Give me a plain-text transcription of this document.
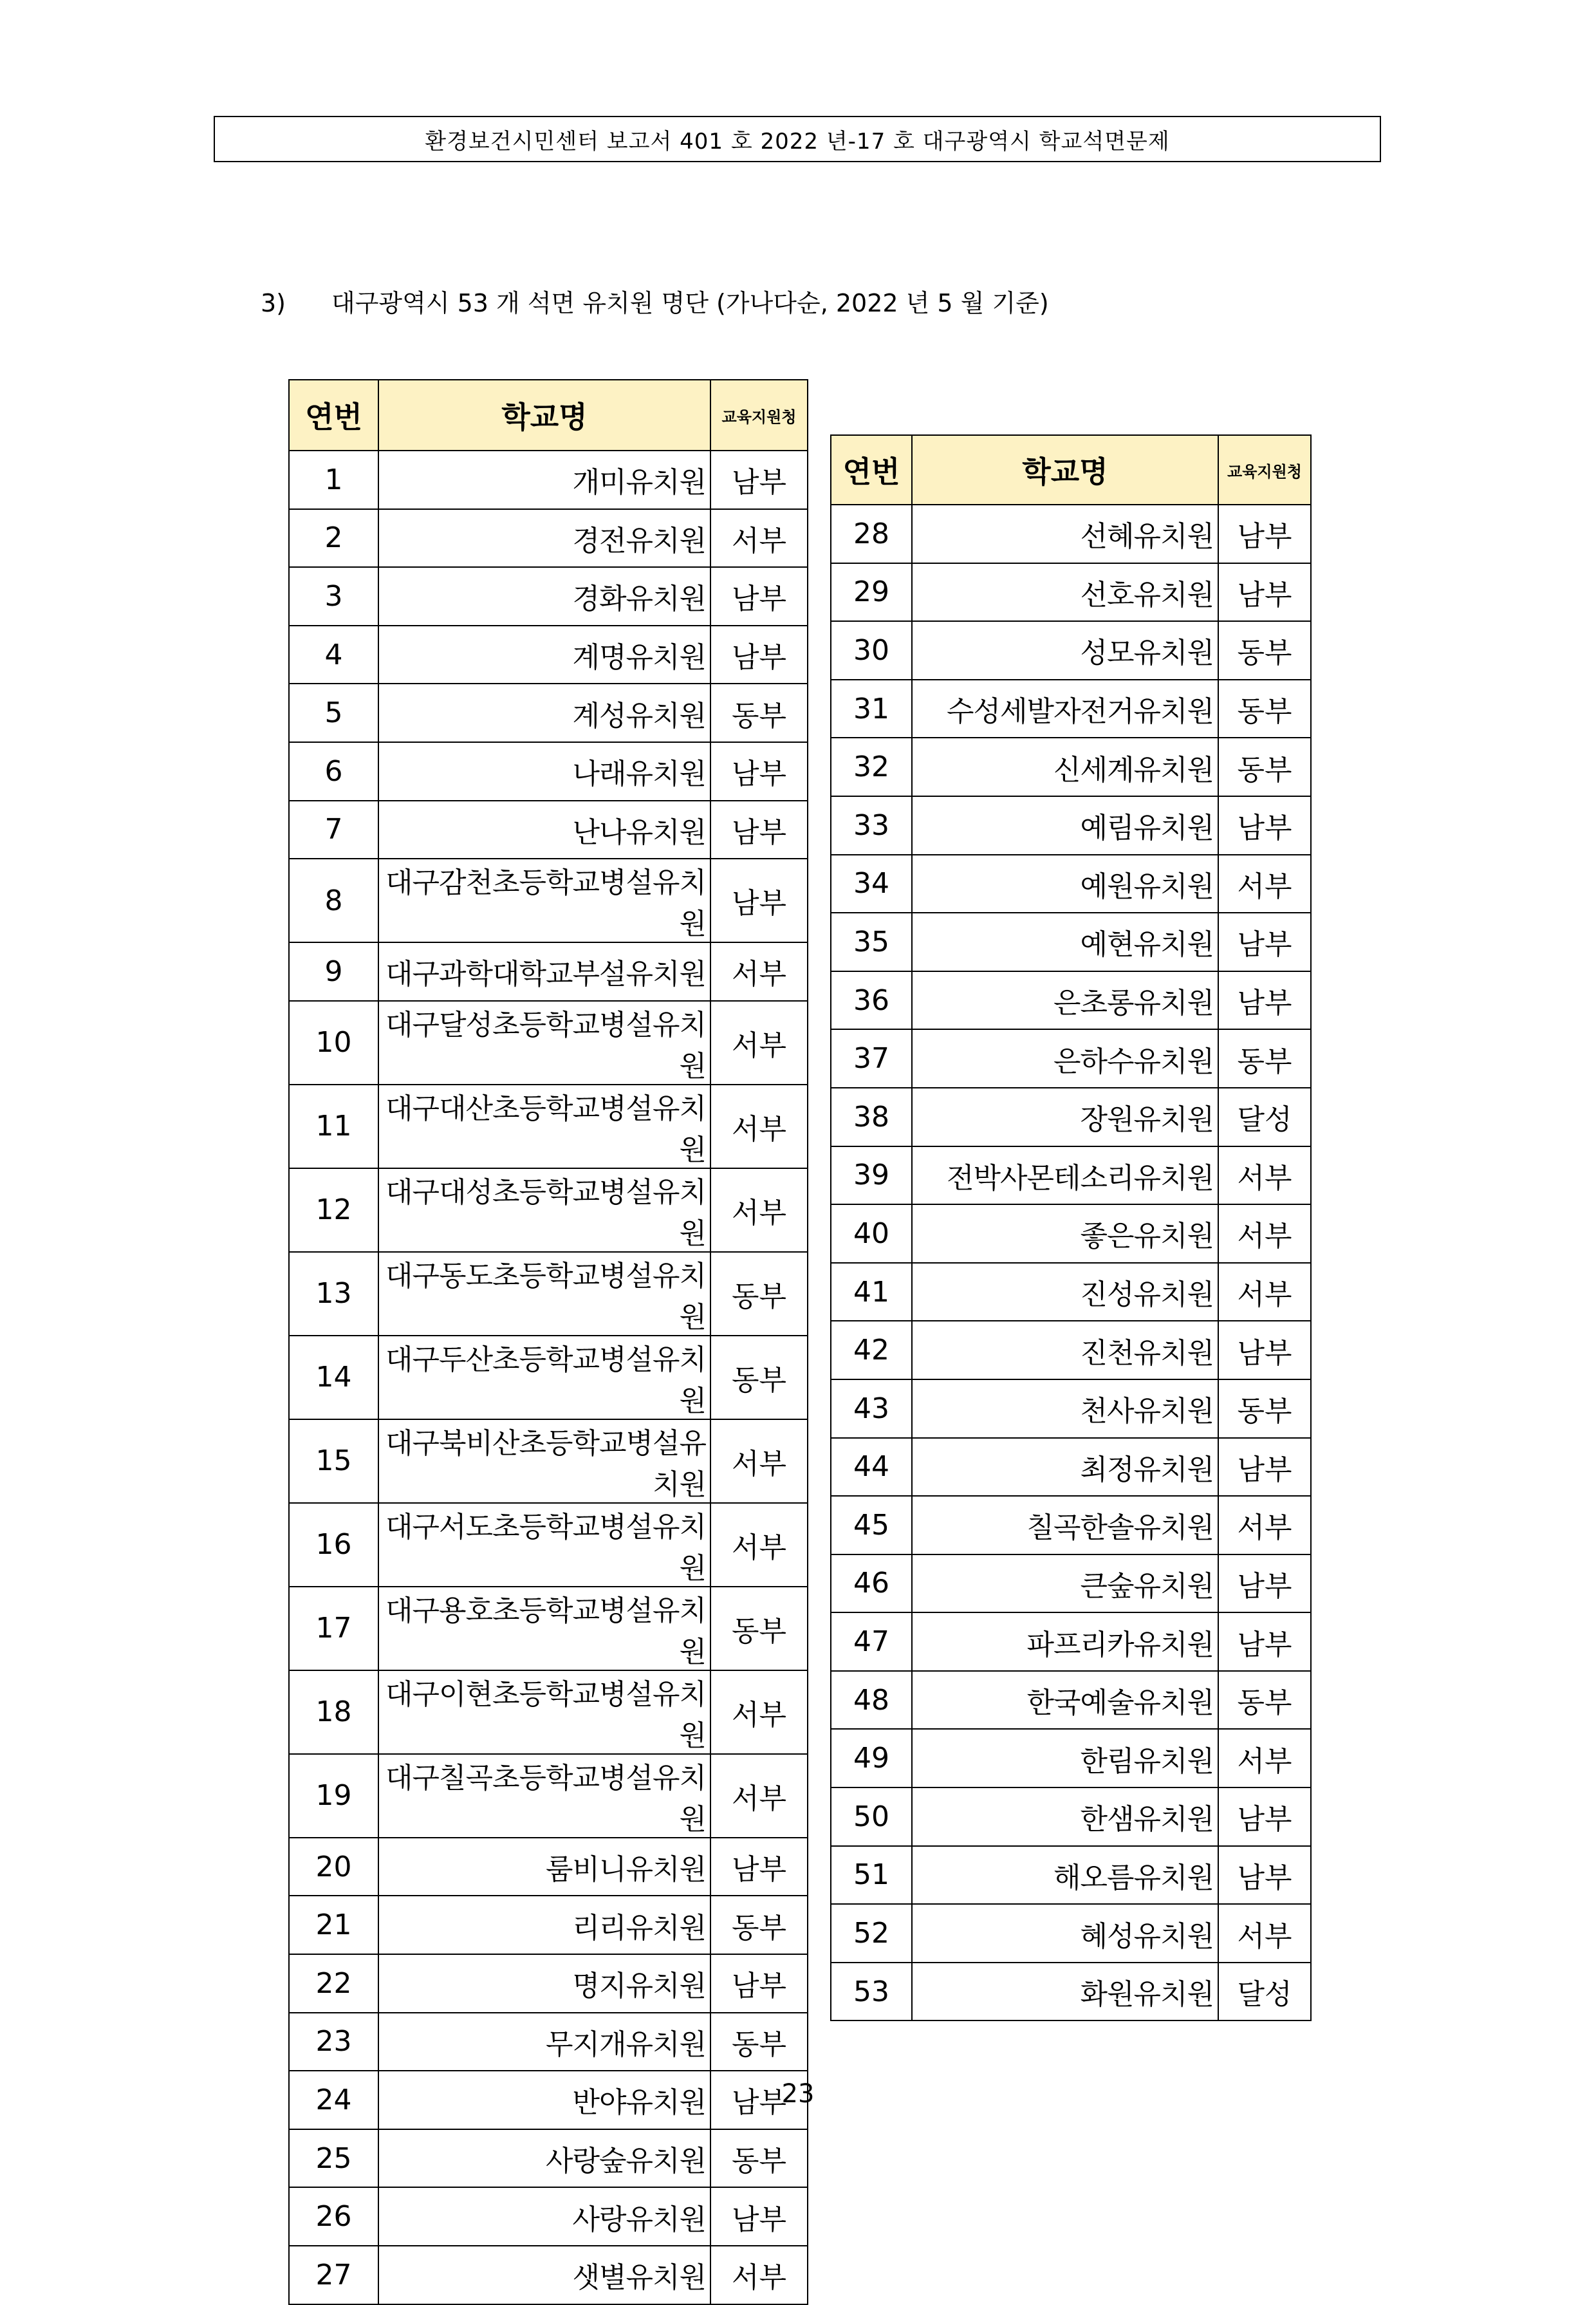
환경보건시민센터 보고서 401 호 2022 년-17 호 대구광역시 학교석면문제
3) 대구광역시 53 개 석면 유치원 명단 (가나다순, 2022 년 5 월 기준)
연번	학교명	교육지원청
1	개미유치원	남부
2	경전유치원	서부
3	경화유치원	남부
4	계명유치원	남부
5	계성유치원	동부
6	나래유치원	남부
7	난나유치원	남부
8	대구감천초등학교병설유치원	남부
9	대구과학대학교부설유치원	서부
10	대구달성초등학교병설유치원	서부
11	대구대산초등학교병설유치원	서부
12	대구대성초등학교병설유치원	서부
13	대구동도초등학교병설유치원	동부
14	대구두산초등학교병설유치원	동부
15	대구북비산초등학교병설유치원	서부
16	대구서도초등학교병설유치원	서부
17	대구용호초등학교병설유치원	동부
18	대구이현초등학교병설유치원	서부
19	대구칠곡초등학교병설유치원	서부
20	룸비니유치원	남부
21	리리유치원	동부
22	명지유치원	남부
23	무지개유치원	동부
24	반야유치원	남부
25	사랑숲유치원	동부
26	사랑유치원	남부
27	샛별유치원	서부
연번	학교명	교육지원청
28	선혜유치원	남부
29	선호유치원	남부
30	성모유치원	동부
31	수성세발자전거유치원	동부
32	신세계유치원	동부
33	예림유치원	남부
34	예원유치원	서부
35	예현유치원	남부
36	은초롱유치원	남부
37	은하수유치원	동부
38	장원유치원	달성
39	전박사몬테소리유치원	서부
40	좋은유치원	서부
41	진성유치원	서부
42	진천유치원	남부
43	천사유치원	동부
44	최정유치원	남부
45	칠곡한솔유치원	서부
46	큰숲유치원	남부
47	파프리카유치원	남부
48	한국예술유치원	동부
49	한림유치원	서부
50	한샘유치원	남부
51	해오름유치원	남부
52	혜성유치원	서부
53	화원유치원	달성
23
